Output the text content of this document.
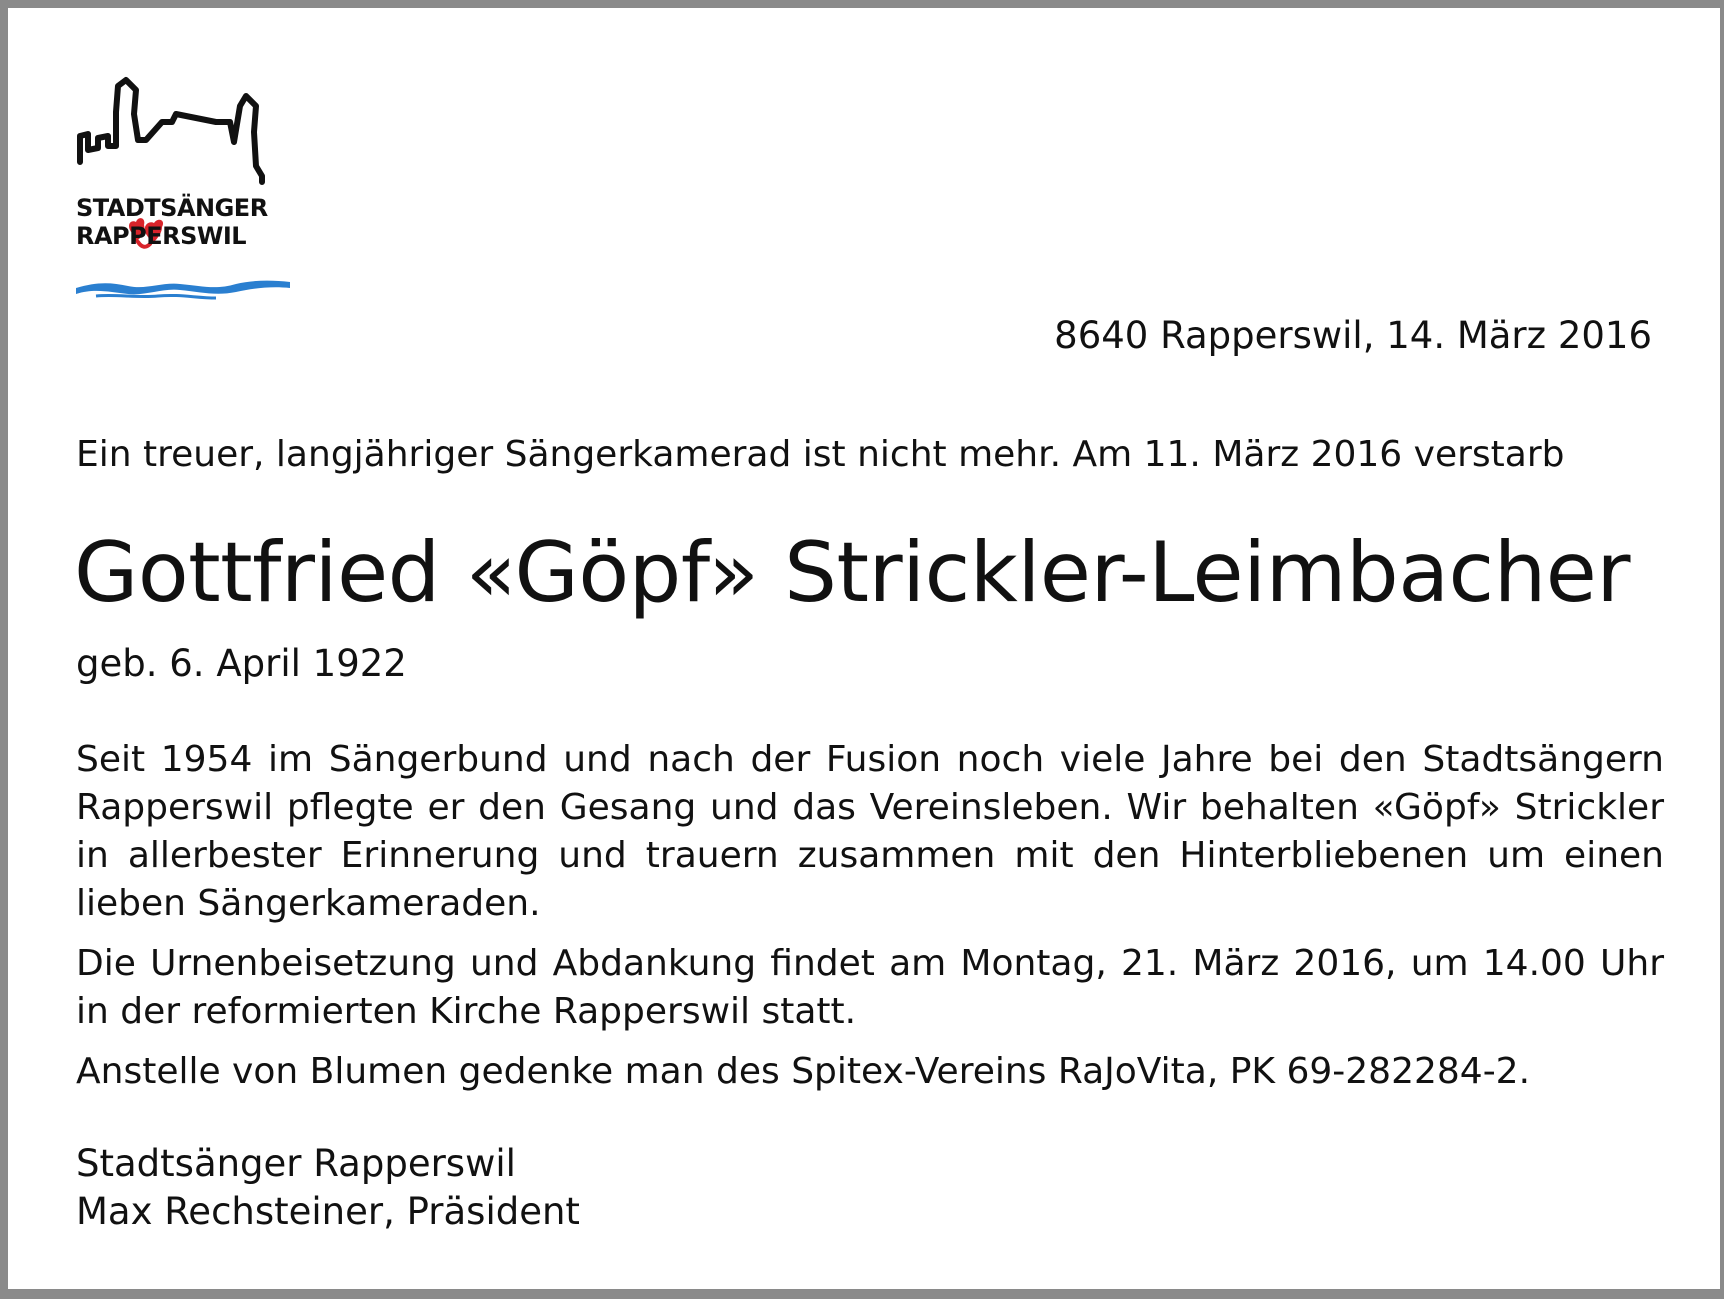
STADTSÄNGER
RAPPERSWIL
8640 Rapperswil, 14. März 2016
Ein treuer, langjähriger Sängerkamerad ist nicht mehr. Am 11. März 2016 verstarb
Gottfried «Göpf» Strickler-Leimbacher
geb. 6. April 1922

Seit 1954 im Sängerbund und nach der Fusion noch viele Jahre bei den Stadtsängern Rapperswil pflegte er den Gesang und das Vereinsleben. Wir behalten «Göpf» Strickler in allerbester Erinnerung und trauern zusammen mit den Hinterbliebenen um einen lieben Sängerkameraden.

Die Urnenbeisetzung und Abdankung findet am Montag, 21. März 2016, um 14.00 Uhr in der reformierten Kirche Rapperswil statt.

Anstelle von Blumen gedenke man des Spitex-Vereins RaJoVita, PK 69-282284-2.

Stadtsänger Rapperswil
Max Rechsteiner, Präsident
